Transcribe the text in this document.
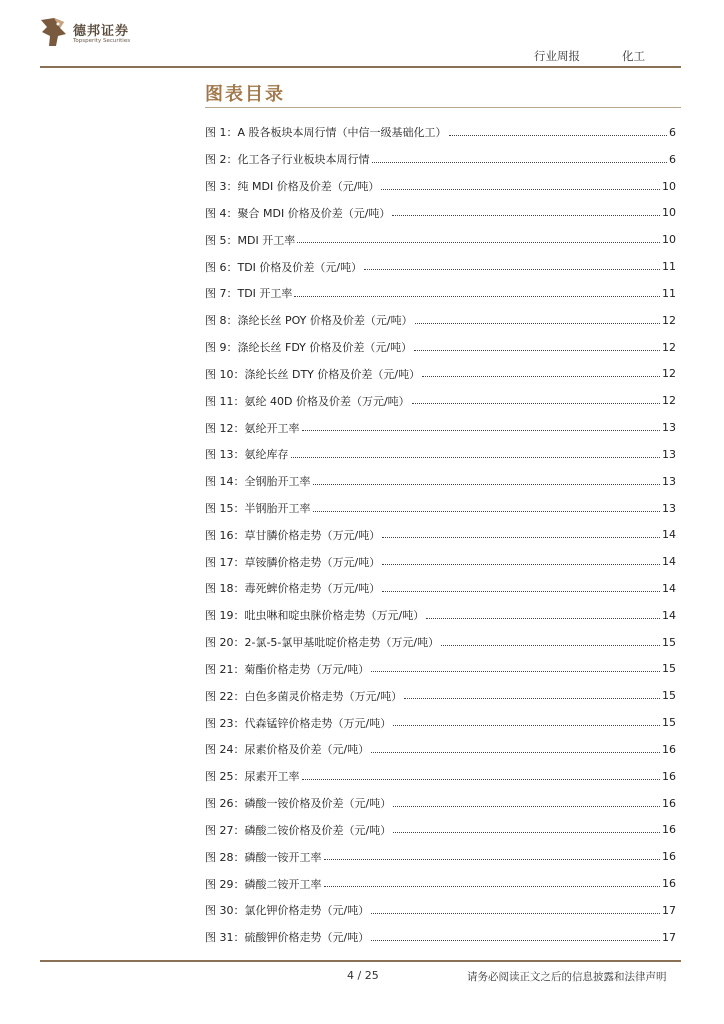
德邦证券
Topsperity Securities
行业周报	化工
图表目录
图 1：A 股各板块本周行情（中信一级基础化工）	6
图 2：化工各子行业板块本周行情	6
图 3：纯 MDI 价格及价差（元/吨）	10
图 4：聚合 MDI 价格及价差（元/吨）	10
图 5：MDI 开工率	10
图 6：TDI 价格及价差（元/吨）	11
图 7：TDI 开工率	11
图 8：涤纶长丝 POY 价格及价差（元/吨）	12
图 9：涤纶长丝 FDY 价格及价差（元/吨）	12
图 10：涤纶长丝 DTY 价格及价差（元/吨）	12
图 11：氨纶 40D 价格及价差（万元/吨）	12
图 12：氨纶开工率	13
图 13：氨纶库存	13
图 14：全钢胎开工率	13
图 15：半钢胎开工率	13
图 16：草甘膦价格走势（万元/吨）	14
图 17：草铵膦价格走势（万元/吨）	14
图 18：毒死蜱价格走势（万元/吨）	14
图 19：吡虫啉和啶虫脒价格走势（万元/吨）	14
图 20：2-氯-5-氯甲基吡啶价格走势（万元/吨）	15
图 21：菊酯价格走势（万元/吨）	15
图 22：白色多菌灵价格走势（万元/吨）	15
图 23：代森锰锌价格走势（万元/吨）	15
图 24：尿素价格及价差（元/吨）	16
图 25：尿素开工率	16
图 26：磷酸一铵价格及价差（元/吨）	16
图 27：磷酸二铵价格及价差（元/吨）	16
图 28：磷酸一铵开工率	16
图 29：磷酸二铵开工率	16
图 30：氯化钾价格走势（元/吨）	17
图 31：硫酸钾价格走势（元/吨）	17
4 / 25	请务必阅读正文之后的信息披露和法律声明
